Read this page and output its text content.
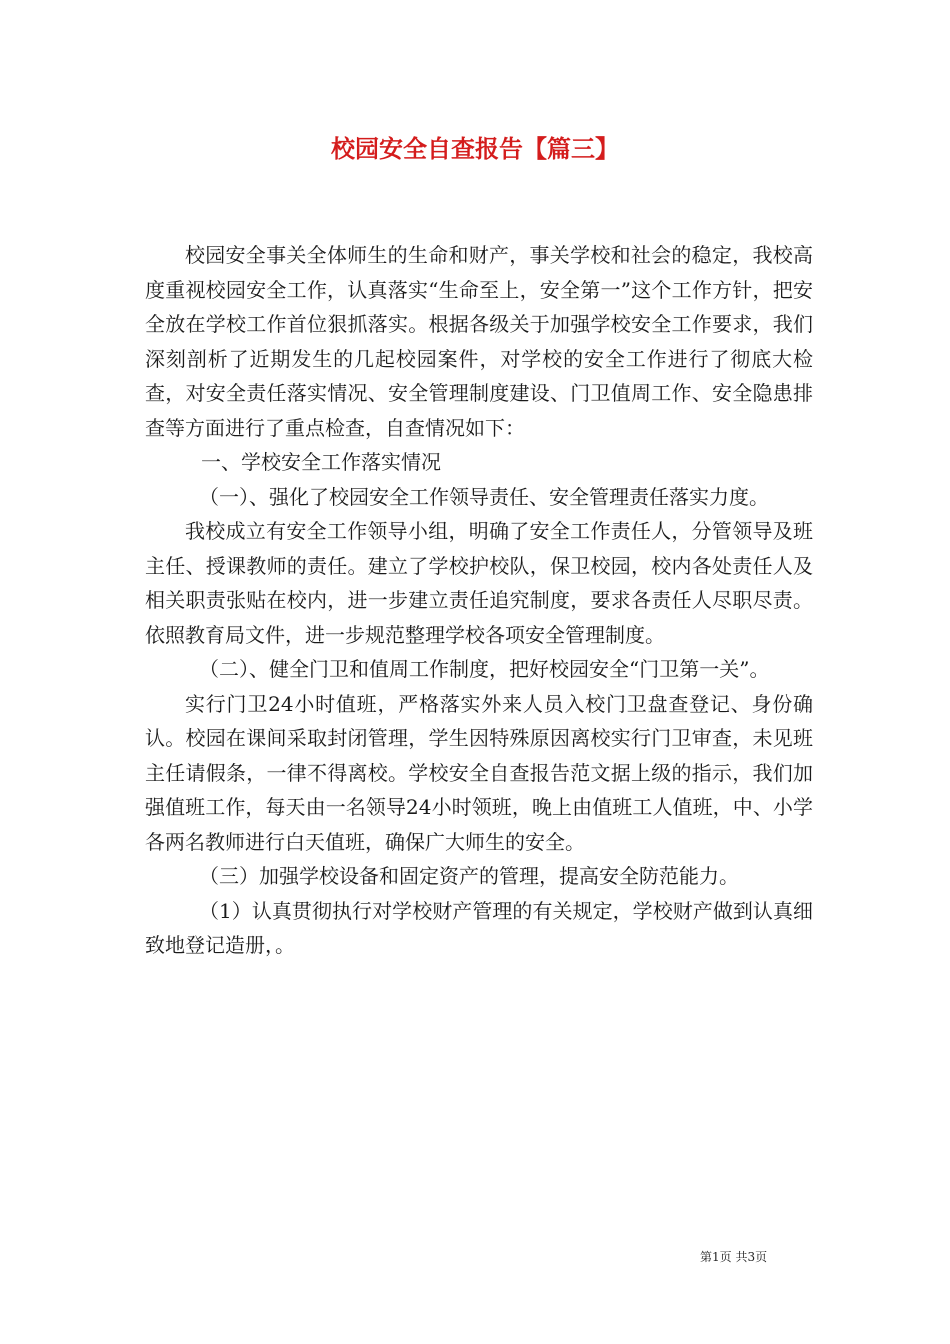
校园安全自查报告【篇三】

校园安全事关全体师生的生命和财产，事关学校和社会的稳定，我校高度重视校园安全工作，认真落实“生命至上，安全第一”这个工作方针，把安全放在学校工作首位狠抓落实。根据各级关于加强学校安全工作要求，我们深刻剖析了近期发生的几起校园案件，对学校的安全工作进行了彻底大检查，对安全责任落实情况、安全管理制度建设、门卫值周工作、安全隐患排查等方面进行了重点检查，自查情况如下：

一、学校安全工作落实情况

（一）、强化了校园安全工作领导责任、安全管理责任落实力度。

我校成立有安全工作领导小组，明确了安全工作责任人，分管领导及班主任、授课教师的责任。建立了学校护校队，保卫校园，校内各处责任人及相关职责张贴在校内，进一步建立责任追究制度，要求各责任人尽职尽责。依照教育局文件，进一步规范整理学校各项安全管理制度。

（二）、健全门卫和值周工作制度，把好校园安全“门卫第一关”。

实行门卫24小时值班，严格落实外来人员入校门卫盘查登记、身份确认。校园在课间采取封闭管理，学生因特殊原因离校实行门卫审查，未见班主任请假条，一律不得离校。学校安全自查报告范文据上级的指示，我们加强值班工作，每天由一名领导24小时领班，晚上由值班工人值班，中、小学各两名教师进行白天值班，确保广大师生的安全。

（三）加强学校设备和固定资产的管理，提高安全防范能力。

（1）认真贯彻执行对学校财产管理的有关规定，学校财产做到认真细致地登记造册，。

第1页 共3页
